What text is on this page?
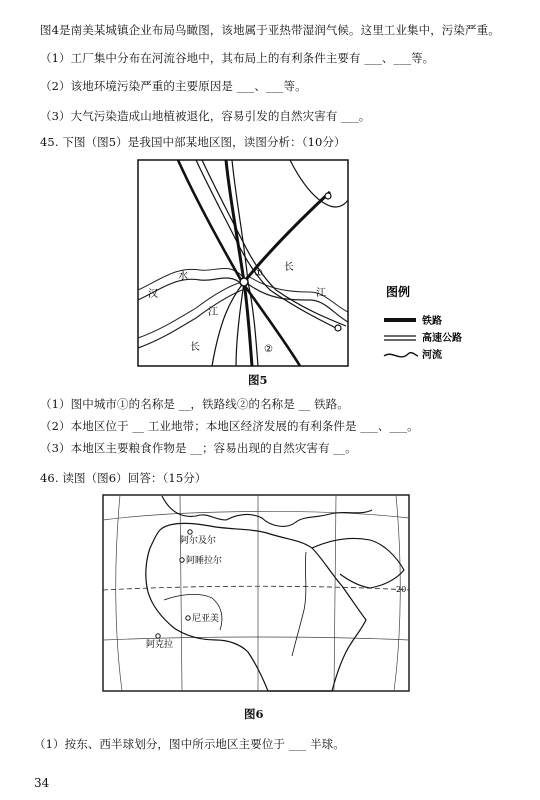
图4是南美某城镇企业布局鸟瞰图，该地属于亚热带湿润气候。这里工业集中，污染严重。
（1）工厂集中分布在河流谷地中，其布局上的有利条件主要有 ___、___等。
（2）该地环境污染严重的主要原因是 ___、___等。
（3）大气污染造成山地植被退化，容易引发的自然灾害有 ___。
45. 下图（图5）是我国中部某地区图，读图分析：（10分）
汉
水
江
长
江
长
①
②
图例
铁路
高速公路
河流
图5
（1）图中城市①的名称是 __，铁路线②的名称是 __ 铁路。
（2）本地区位于 __ 工业地带；本地区经济发展的有利条件是 ___、___。
（3）本地区主要粮食作物是 __；容易出现的自然灾害有 __。
46. 读图（图6）回答：（15分）
阿尔及尔
阿睡拉尔
尼亚美
阿克拉
20
图6
（1）按东、西半球划分，图中所示地区主要位于 ___ 半球。
34
